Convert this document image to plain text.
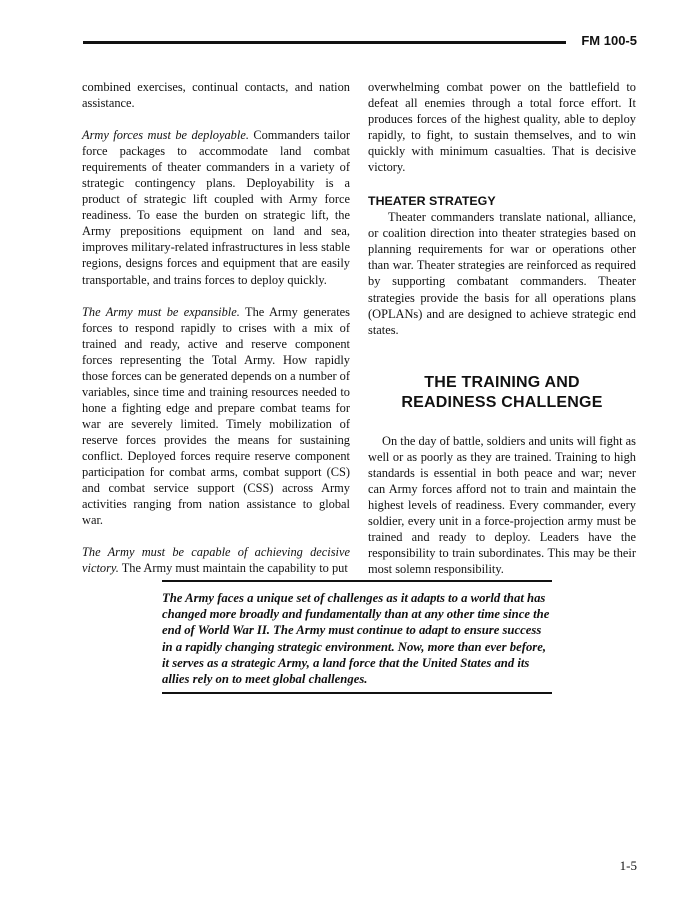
FM 100-5

combined exercises, continual contacts, and nation assistance.

Army forces must be deployable. Commanders tailor force packages to accommodate land combat requirements of theater commanders in a variety of strategic contingency plans. Deployability is a product of strategic lift coupled with Army force readiness. To ease the burden on strategic lift, the Army prepositions equipment on land and sea, improves military-related infrastructures in less stable regions, designs forces and equipment that are easily transportable, and trains forces to deploy quickly.

The Army must be expansible. The Army generates forces to respond rapidly to crises with a mix of trained and ready, active and reserve component forces representing the Total Army. How rapidly those forces can be generated depends on a number of variables, since time and training resources needed to hone a fighting edge and prepare combat teams for war are severely limited. Timely mobilization of reserve forces provides the means for sustaining conflict. Deployed forces require reserve component participation for combat arms, combat support (CS) and combat service support (CSS) across Army activities ranging from nation assistance to global war.

The Army must be capable of achieving decisive victory. The Army must maintain the capability to put

overwhelming combat power on the battlefield to defeat all enemies through a total force effort. It produces forces of the highest quality, able to deploy rapidly, to fight, to sustain themselves, and to win quickly with minimum casualties. That is decisive victory.

THEATER STRATEGY

Theater commanders translate national, alliance, or coalition direction into theater strategies based on planning requirements for war or operations other than war. Theater strategies are reinforced as required by supporting combatant commanders. Theater strategies provide the basis for all operations plans (OPLANs) and are designed to achieve strategic end states.

THE TRAINING AND
READINESS CHALLENGE

On the day of battle, soldiers and units will fight as well or as poorly as they are trained. Training to high standards is essential in both peace and war; never can Army forces afford not to train and maintain the highest levels of readiness. Every commander, every soldier, every unit in a force-projection army must be trained and ready to deploy. Leaders have the responsibility to train subordinates. This may be their most solemn responsibility.

The Army faces a unique set of challenges as it adapts to a world that has changed more broadly and fundamentally than at any other time since the end of World War II. The Army must continue to adapt to ensure success in a rapidly changing strategic environment. Now, more than ever before, it serves as a strategic Army, a land force that the United States and its allies rely on to meet global challenges.

1-5
